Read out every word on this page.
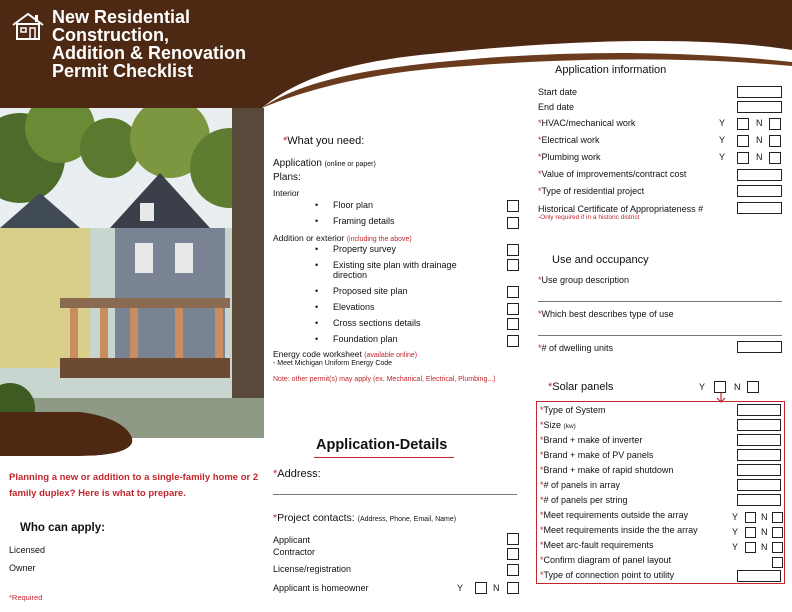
New Residential
Construction,
Addition & Renovation
Permit Checklist
Planning a new or addition to a single-family home or 2 family duplex? Here is what to prepare.
Who can apply:
Licensed
Owner
*Required
*What you need:
Application (online or paper)
Plans:
Interior
• Floor plan
• Framing details
Addition or exterior (including the above)
• Property survey
• Existing site plan with drainage direction
• Proposed site plan
• Elevations
• Cross sections details
• Foundation plan
Energy code worksheet (available online)
- Meet Michigan Uniform Energy Code
Note: other permit(s) may apply (ex. Mechanical, Electrical, Plumbing...)
Application-Details
*Address:
*Project contacts: (Address, Phone, Email, Name)
Applicant
Contractor
License/registration
Applicant is homeowner	Y	N
Application information
Start date
End date
*HVAC/mechanical work	Y	N
*Electrical work	Y	N
*Plumbing work	Y	N
*Value of improvements/contract cost
*Type of residential project
Historical Certificate of Appropriateness #
-Only required if in a historic district
Use and occupancy
*Use group description
*Which best describes type of use
*# of dwelling units
*Solar panels	Y	N
*Type of System
*Size (kw)
*Brand + make of inverter
*Brand + make of PV panels
*Brand + make of rapid shutdown
*# of panels in array
*# of panels per string
*Meet requirements outside the array	Y	N
*Meet requirements inside the the array	Y	N
*Meet arc-fault requirements	Y	N
*Confirm diagram of panel layout
*Type of connection point to utility
